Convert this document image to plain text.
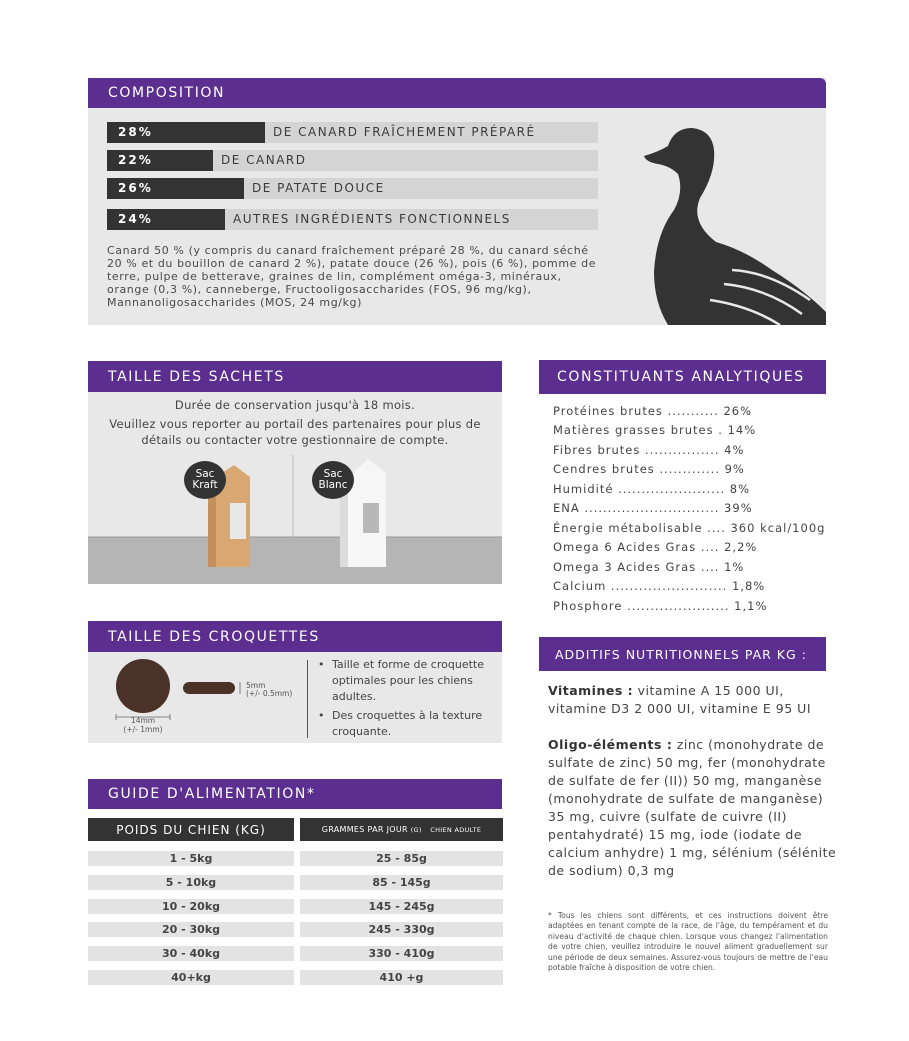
COMPOSITION
28%	DE CANARD FRAÎCHEMENT PRÉPARÉ
22%	DE CANARD
26%	DE PATATE DOUCE
24%	AUTRES INGRÉDIENTS FONCTIONNELS
Canard 50 % (y compris du canard fraîchement préparé 28 %, du canard séché 20 % et du bouillon de canard 2 %), patate douce (26 %), pois (6 %), pomme de terre, pulpe de betterave, graines de lin, complément oméga-3, minéraux, orange (0,3 %), canneberge, Fructooligosaccharides (FOS, 96 mg/kg), Mannanoligosaccharides (MOS, 24 mg/kg)
TAILLE DES SACHETS
Durée de conservation jusqu'à 18 mois.
Veuillez vous reporter au portail des partenaires pour plus de détails ou contacter votre gestionnaire de compte.
Sac
Kraft
Sac
Blanc
TAILLE DES CROQUETTES
5mm
(+/- 0.5mm)
14mm
(+/- 1mm)
• Taille et forme de croquette optimales pour les chiens adultes.
• Des croquettes à la texture croquante.
GUIDE D'ALIMENTATION*
POIDS DU CHIEN (KG)	GRAMMES PAR JOUR
(G)
CHIEN ADULTE
1 - 5kg	25 - 85g
5 - 10kg	85 - 145g
10 - 20kg	145 - 245g
20 - 30kg	245 - 330g
30 - 40kg	330 - 410g
40+kg	410 +g
CONSTITUANTS ANALYTIQUES
Protéines brutes ........... 26%
Matières grasses brutes . 14%
Fibres brutes ................ 4%
Cendres brutes ............. 9%
Humidité ....................... 8%
ENA ............................. 39%
Énergie métabolisable .... 360 kcal/100g
Omega 6 Acides Gras .... 2,2%
Omega 3 Acides Gras .... 1%
Calcium ......................... 1,8%
Phosphore ...................... 1,1%
ADDITIFS NUTRITIONNELS PAR KG :
Vitamines : vitamine A 15 000 UI, vitamine D3 2 000 UI, vitamine E 95 UI
Oligo-éléments : zinc (monohydrate de sulfate de zinc) 50 mg, fer (monohydrate de sulfate de fer (II)) 50 mg, manganèse (monohydrate de sulfate de manganèse) 35 mg, cuivre (sulfate de cuivre (II) pentahydraté) 15 mg, iode (iodate de calcium anhydre) 1 mg, sélénium (sélénite de sodium) 0,3 mg
* Tous les chiens sont différents, et ces instructions doivent être adaptées en tenant compte de la race, de l'âge, du tempérament et du niveau d'activité de chaque chien. Lorsque vous changez l'alimentation de votre chien, veuillez introduire le nouvel aliment graduellement sur une période de deux semaines. Assurez-vous toujours de mettre de l'eau potable fraîche à disposition de votre chien.
